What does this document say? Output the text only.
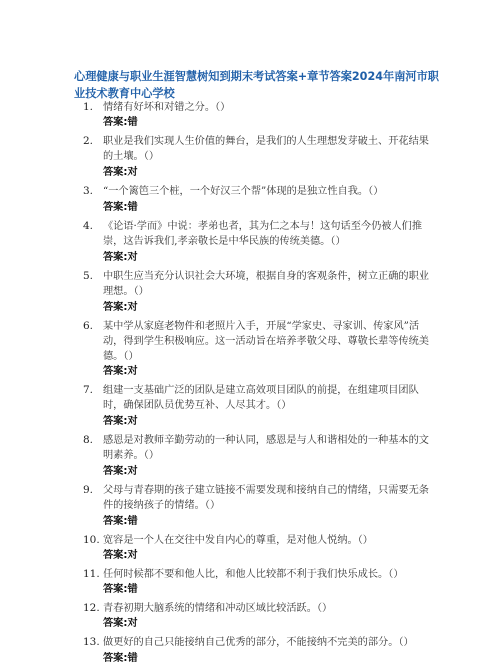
心理健康与职业生涯智慧树知到期末考试答案+章节答案2024年南河市职业技术教育中心学校
1. 情绪有好坏和对错之分。（）
答案:错
2. 职业是我们实现人生价值的舞台，是我们的人生理想发芽破土、开花结果的土壤。（）
答案:对
3. “一个篱笆三个桩，一个好汉三个帮”体现的是独立性自我。（）
答案:错
4. 《论语·学而》中说：孝弟也者，其为仁之本与！这句话至今仍被人们推崇，这告诉我们,孝亲敬长是中华民族的传统美德。（）
答案:对
5. 中职生应当充分认识社会大环境，根据自身的客观条件，树立正确的职业理想。（）
答案:对
6. 某中学从家庭老物件和老照片入手，开展“学家史、寻家训、传家风”活动，得到学生积极响应。这一活动旨在培养孝敬父母、尊敬长辈等传统美德。（）
答案:对
7. 组建一支基础广泛的团队是建立高效项目团队的前提，在组建项目团队时，确保团队员优势互补、人尽其才。（）
答案:对
8. 感恩是对教师辛勤劳动的一种认同，感恩是与人和谐相处的一种基本的文明素养。（）
答案:对
9. 父母与青春期的孩子建立链接不需要发现和接纳自己的情绪，只需要无条件的接纳孩子的情绪。（）
答案:错
10. 宽容是一个人在交往中发自内心的尊重，是对他人悦纳。（）
答案:对
11. 任何时候都不要和他人比，和他人比较都不利于我们快乐成长。（）
答案:错
12. 青春初期大脑系统的情绪和冲动区域比较活跃。（）
答案:对
13. 做更好的自己只能接纳自己优秀的部分，不能接纳不完美的部分。（）
答案:错
